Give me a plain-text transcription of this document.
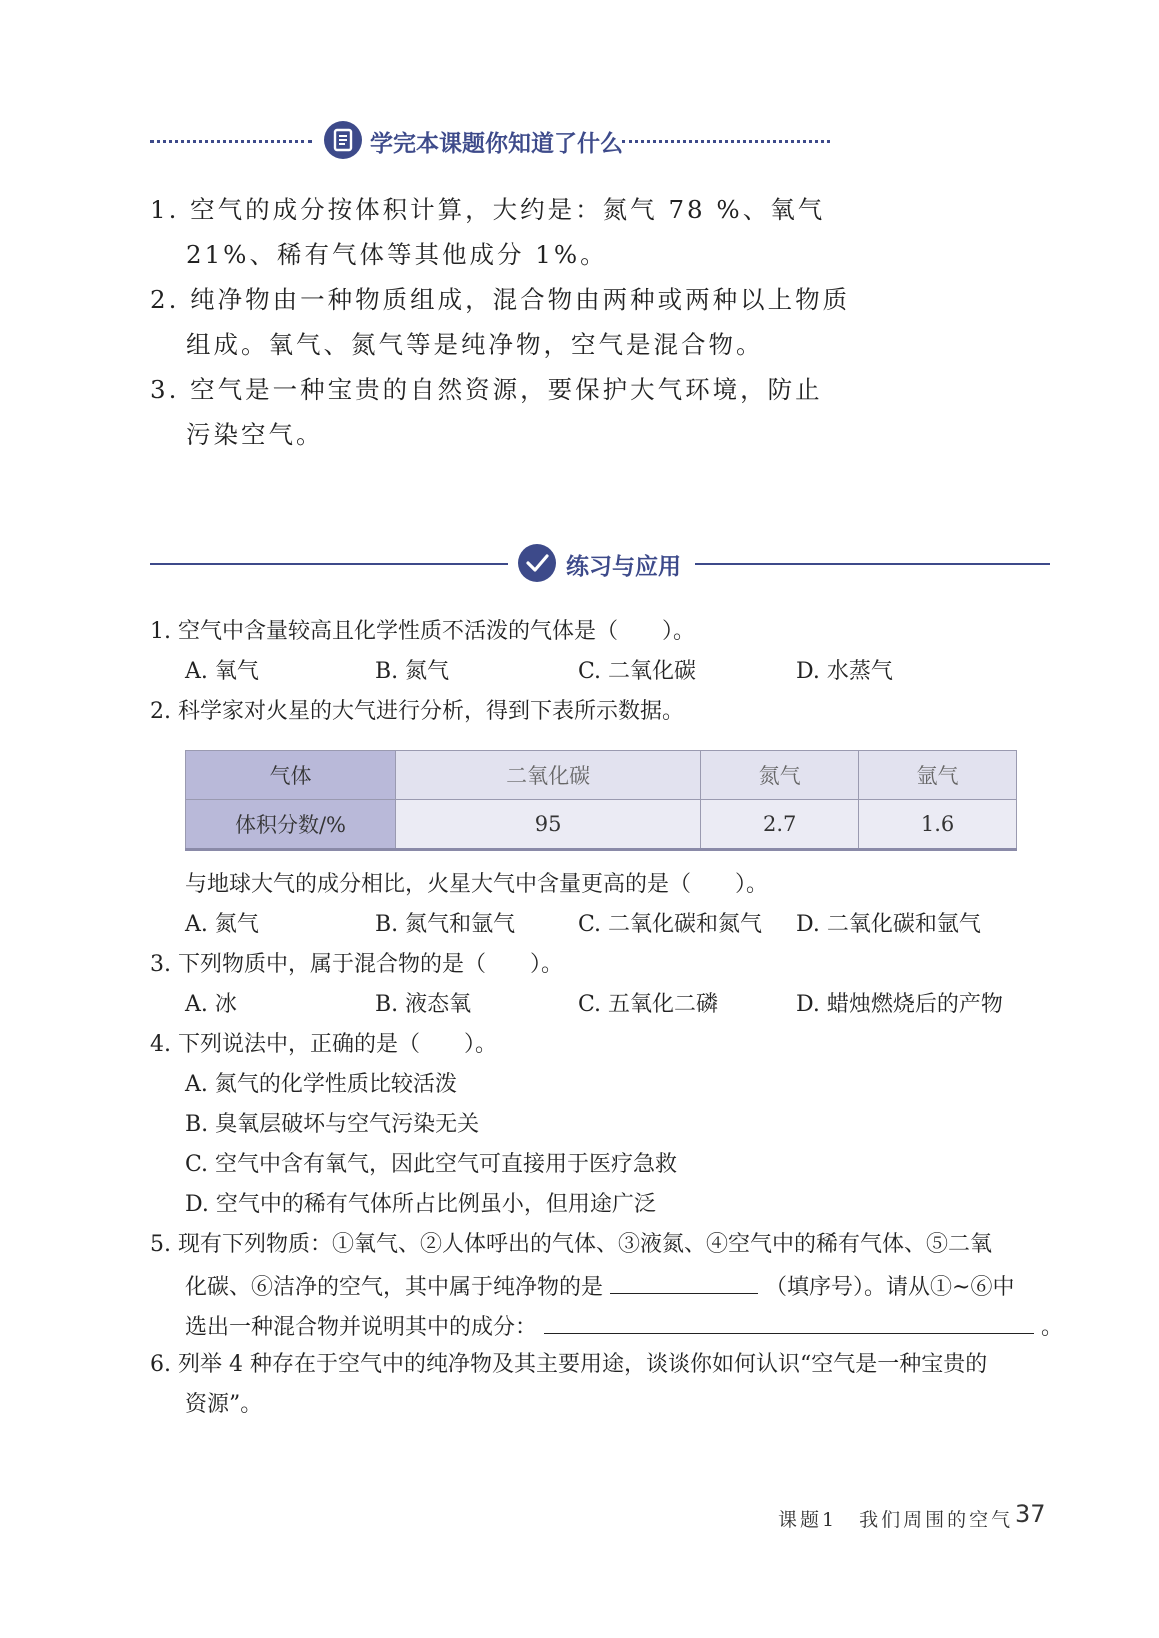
学完本课题你知道了什么
1. 空气的成分按体积计算，大约是：氮气 78 %、氧气
21%、稀有气体等其他成分 1%。
2. 纯净物由一种物质组成，混合物由两种或两种以上物质
组成。氧气、氮气等是纯净物，空气是混合物。
3. 空气是一种宝贵的自然资源，要保护大气环境，防止
污染空气。
练习与应用
1. 空气中含量较高且化学性质不活泼的气体是（　　）。
A. 氧气	B. 氮气	C. 二氧化碳	D. 水蒸气
2. 科学家对火星的大气进行分析，得到下表所示数据。
气体	二氧化碳	氮气	氩气
体积分数/%	95	2.7	1.6
与地球大气的成分相比，火星大气中含量更高的是（　　）。
A. 氮气	B. 氮气和氩气	C. 二氧化碳和氮气 D. 二氧化碳和氩气
3. 下列物质中，属于混合物的是（　　）。
A. 冰	B. 液态氧	C. 五氧化二磷	D. 蜡烛燃烧后的产物
4. 下列说法中，正确的是（　　）。
A. 氮气的化学性质比较活泼
B. 臭氧层破坏与空气污染无关
C. 空气中含有氧气，因此空气可直接用于医疗急救
D. 空气中的稀有气体所占比例虽小，但用途广泛
5. 现有下列物质：①氧气、②人体呼出的气体、③液氮、④空气中的稀有气体、⑤二氧
化碳、⑥洁净的空气，其中属于纯净物的是	（填序号）。请从①~⑥中
选出一种混合物并说明其中的成分：	。
6. 列举 4 种存在于空气中的纯净物及其主要用途，谈谈你如何认识“空气是一种宝贵的
资源”。
课题1　我们周围的空气 37
